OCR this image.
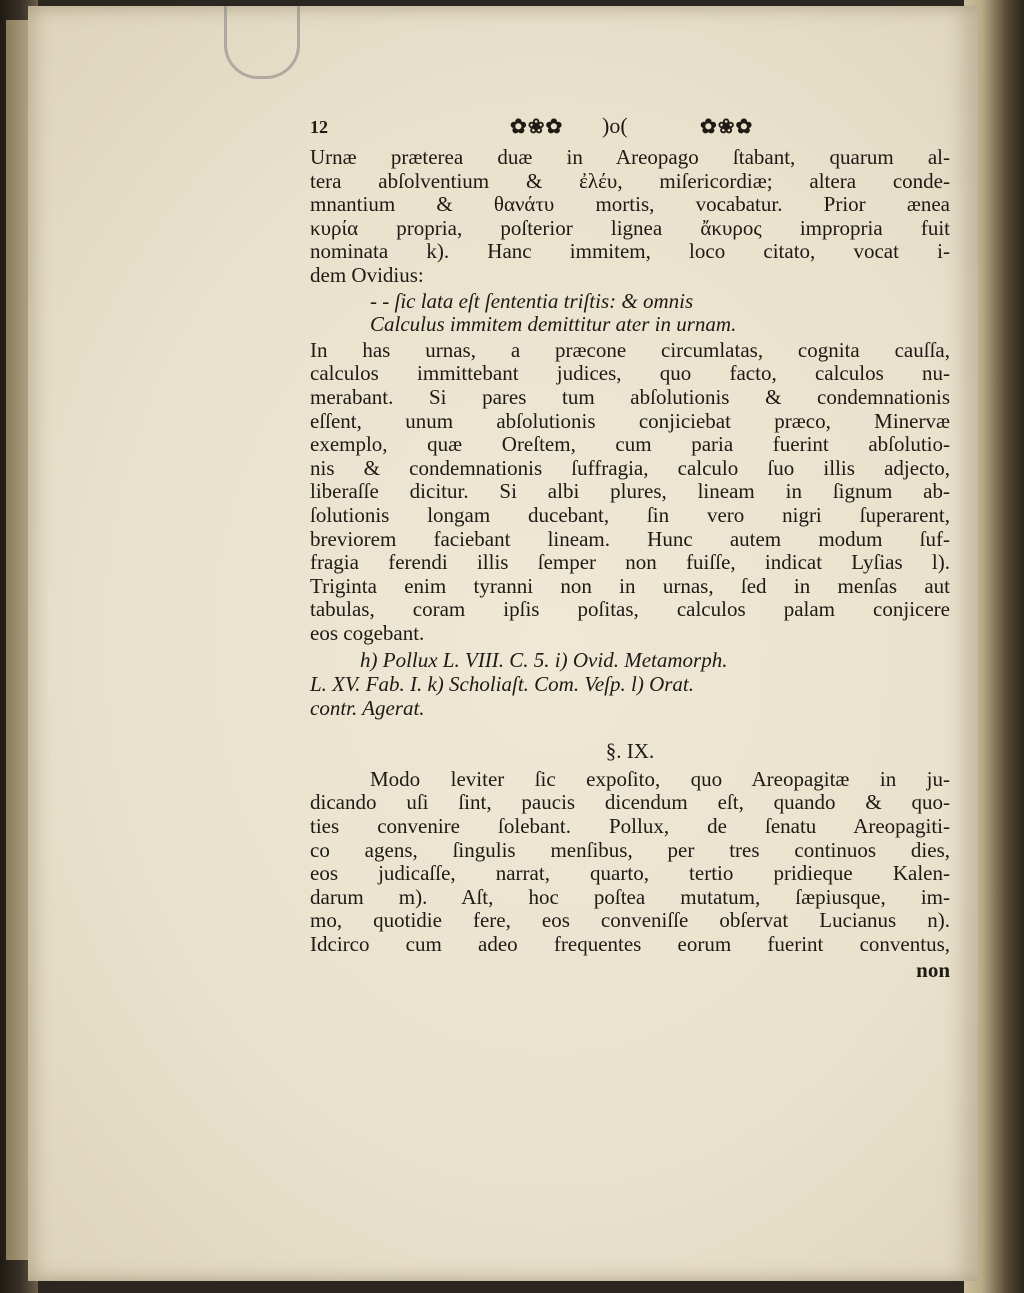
12	✿❀✿ )o(	✿❀✿
Urnæ præterea duæ in Areopago ſtabant, quarum al-
tera abſolventium & ἐλέυ, miſericordiæ; altera conde-
mnantium & θανάτυ mortis, vocabatur. Prior ænea
κυρία propria, poſterior lignea ἄκυρος impropria fuit
nominata k). Hanc immitem, loco citato, vocat i-
dem Ovidius:
- - ſic lata eſt ſententia triſtis: & omnis
Calculus immitem demittitur ater in urnam.
In has urnas, a præcone circumlatas, cognita cauſſa,
calculos immittebant judices, quo facto, calculos nu-
merabant. Si pares tum abſolutionis & condemnationis
eſſent, unum abſolutionis conjiciebat præco, Minervæ
exemplo, quæ Oreſtem, cum paria fuerint abſolutio-
nis & condemnationis ſuffragia, calculo ſuo illis adjecto,
liberaſſe dicitur. Si albi plures, lineam in ſignum ab-
ſolutionis longam ducebant, ſin vero nigri ſuperarent,
breviorem faciebant lineam. Hunc autem modum ſuf-
fragia ferendi illis ſemper non fuiſſe, indicat Lyſias l).
Triginta enim tyranni non in urnas, ſed in menſas aut
tabulas, coram ipſis poſitas, calculos palam conjicere
eos cogebant.
h) Pollux L. VIII. C. 5. i) Ovid. Metamorph.
L. XV. Fab. I. k) Scholiaſt. Com. Veſp. l) Orat.
contr. Agerat.
§. IX.
Modo leviter ſic expoſito, quo Areopagitæ in ju-
dicando uſi ſint, paucis dicendum eſt, quando & quo-
ties convenire ſolebant. Pollux, de ſenatu Areopagiti-
co agens, ſingulis menſibus, per tres continuos dies,
eos judicaſſe, narrat, quarto, tertio pridieque Kalen-
darum m). Aſt, hoc poſtea mutatum, ſæpiusque, im-
mo, quotidie fere, eos conveniſſe obſervat Lucianus n).
Idcirco cum adeo frequentes eorum fuerint conventus,
non
